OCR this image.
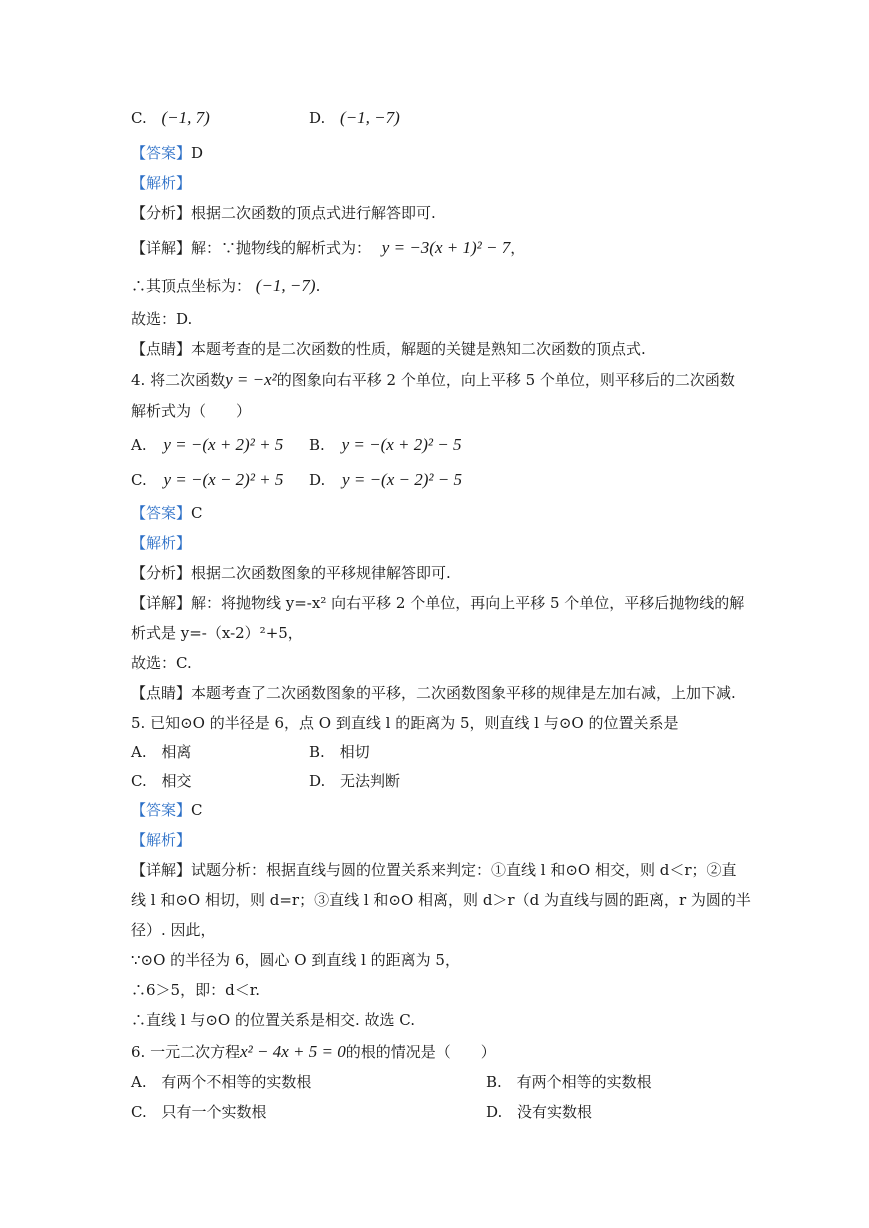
C. (−1, 7)	D. (−1, −7)
【答案】D
【解析】
【分析】根据二次函数的顶点式进行解答即可.
【详解】解：∵抛物线的解析式为： y = −3(x + 1)² − 7，
∴其顶点坐标为： (−1, −7).
故选：D.
【点睛】本题考查的是二次函数的性质，解题的关键是熟知二次函数的顶点式.
4. 将二次函数y = −x²的图象向右平移 2 个单位，向上平移 5 个单位，则平移后的二次函数
解析式为（　　）
A. y = −(x + 2)² + 5 B. y = −(x + 2)² − 5
C. y = −(x − 2)² + 5 D. y = −(x − 2)² − 5
【答案】C
【解析】
【分析】根据二次函数图象的平移规律解答即可.
【详解】解：将抛物线 y=-x² 向右平移 2 个单位，再向上平移 5 个单位，平移后抛物线的解
析式是 y=-（x-2）²+5，
故选：C.
【点睛】本题考查了二次函数图象的平移，二次函数图象平移的规律是左加右减，上加下减.
5. 已知⊙O 的半径是 6，点 O 到直线 l 的距离为 5，则直线 l 与⊙O 的位置关系是
A. 相离	B. 相切
C. 相交	D. 无法判断
【答案】C
【解析】
【详解】试题分析：根据直线与圆的位置关系来判定：①直线 l 和⊙O 相交，则 d＜r；②直
线 l 和⊙O 相切，则 d=r；③直线 l 和⊙O 相离，则 d＞r（d 为直线与圆的距离，r 为圆的半
径）. 因此，
∵⊙O 的半径为 6，圆心 O 到直线 l 的距离为 5，
∴6＞5，即：d＜r.
∴直线 l 与⊙O 的位置关系是相交. 故选 C.
6. 一元二次方程x² − 4x + 5 = 0的根的情况是（　　）
A. 有两个不相等的实数根	B. 有两个相等的实数根
C. 只有一个实数根	D. 没有实数根
